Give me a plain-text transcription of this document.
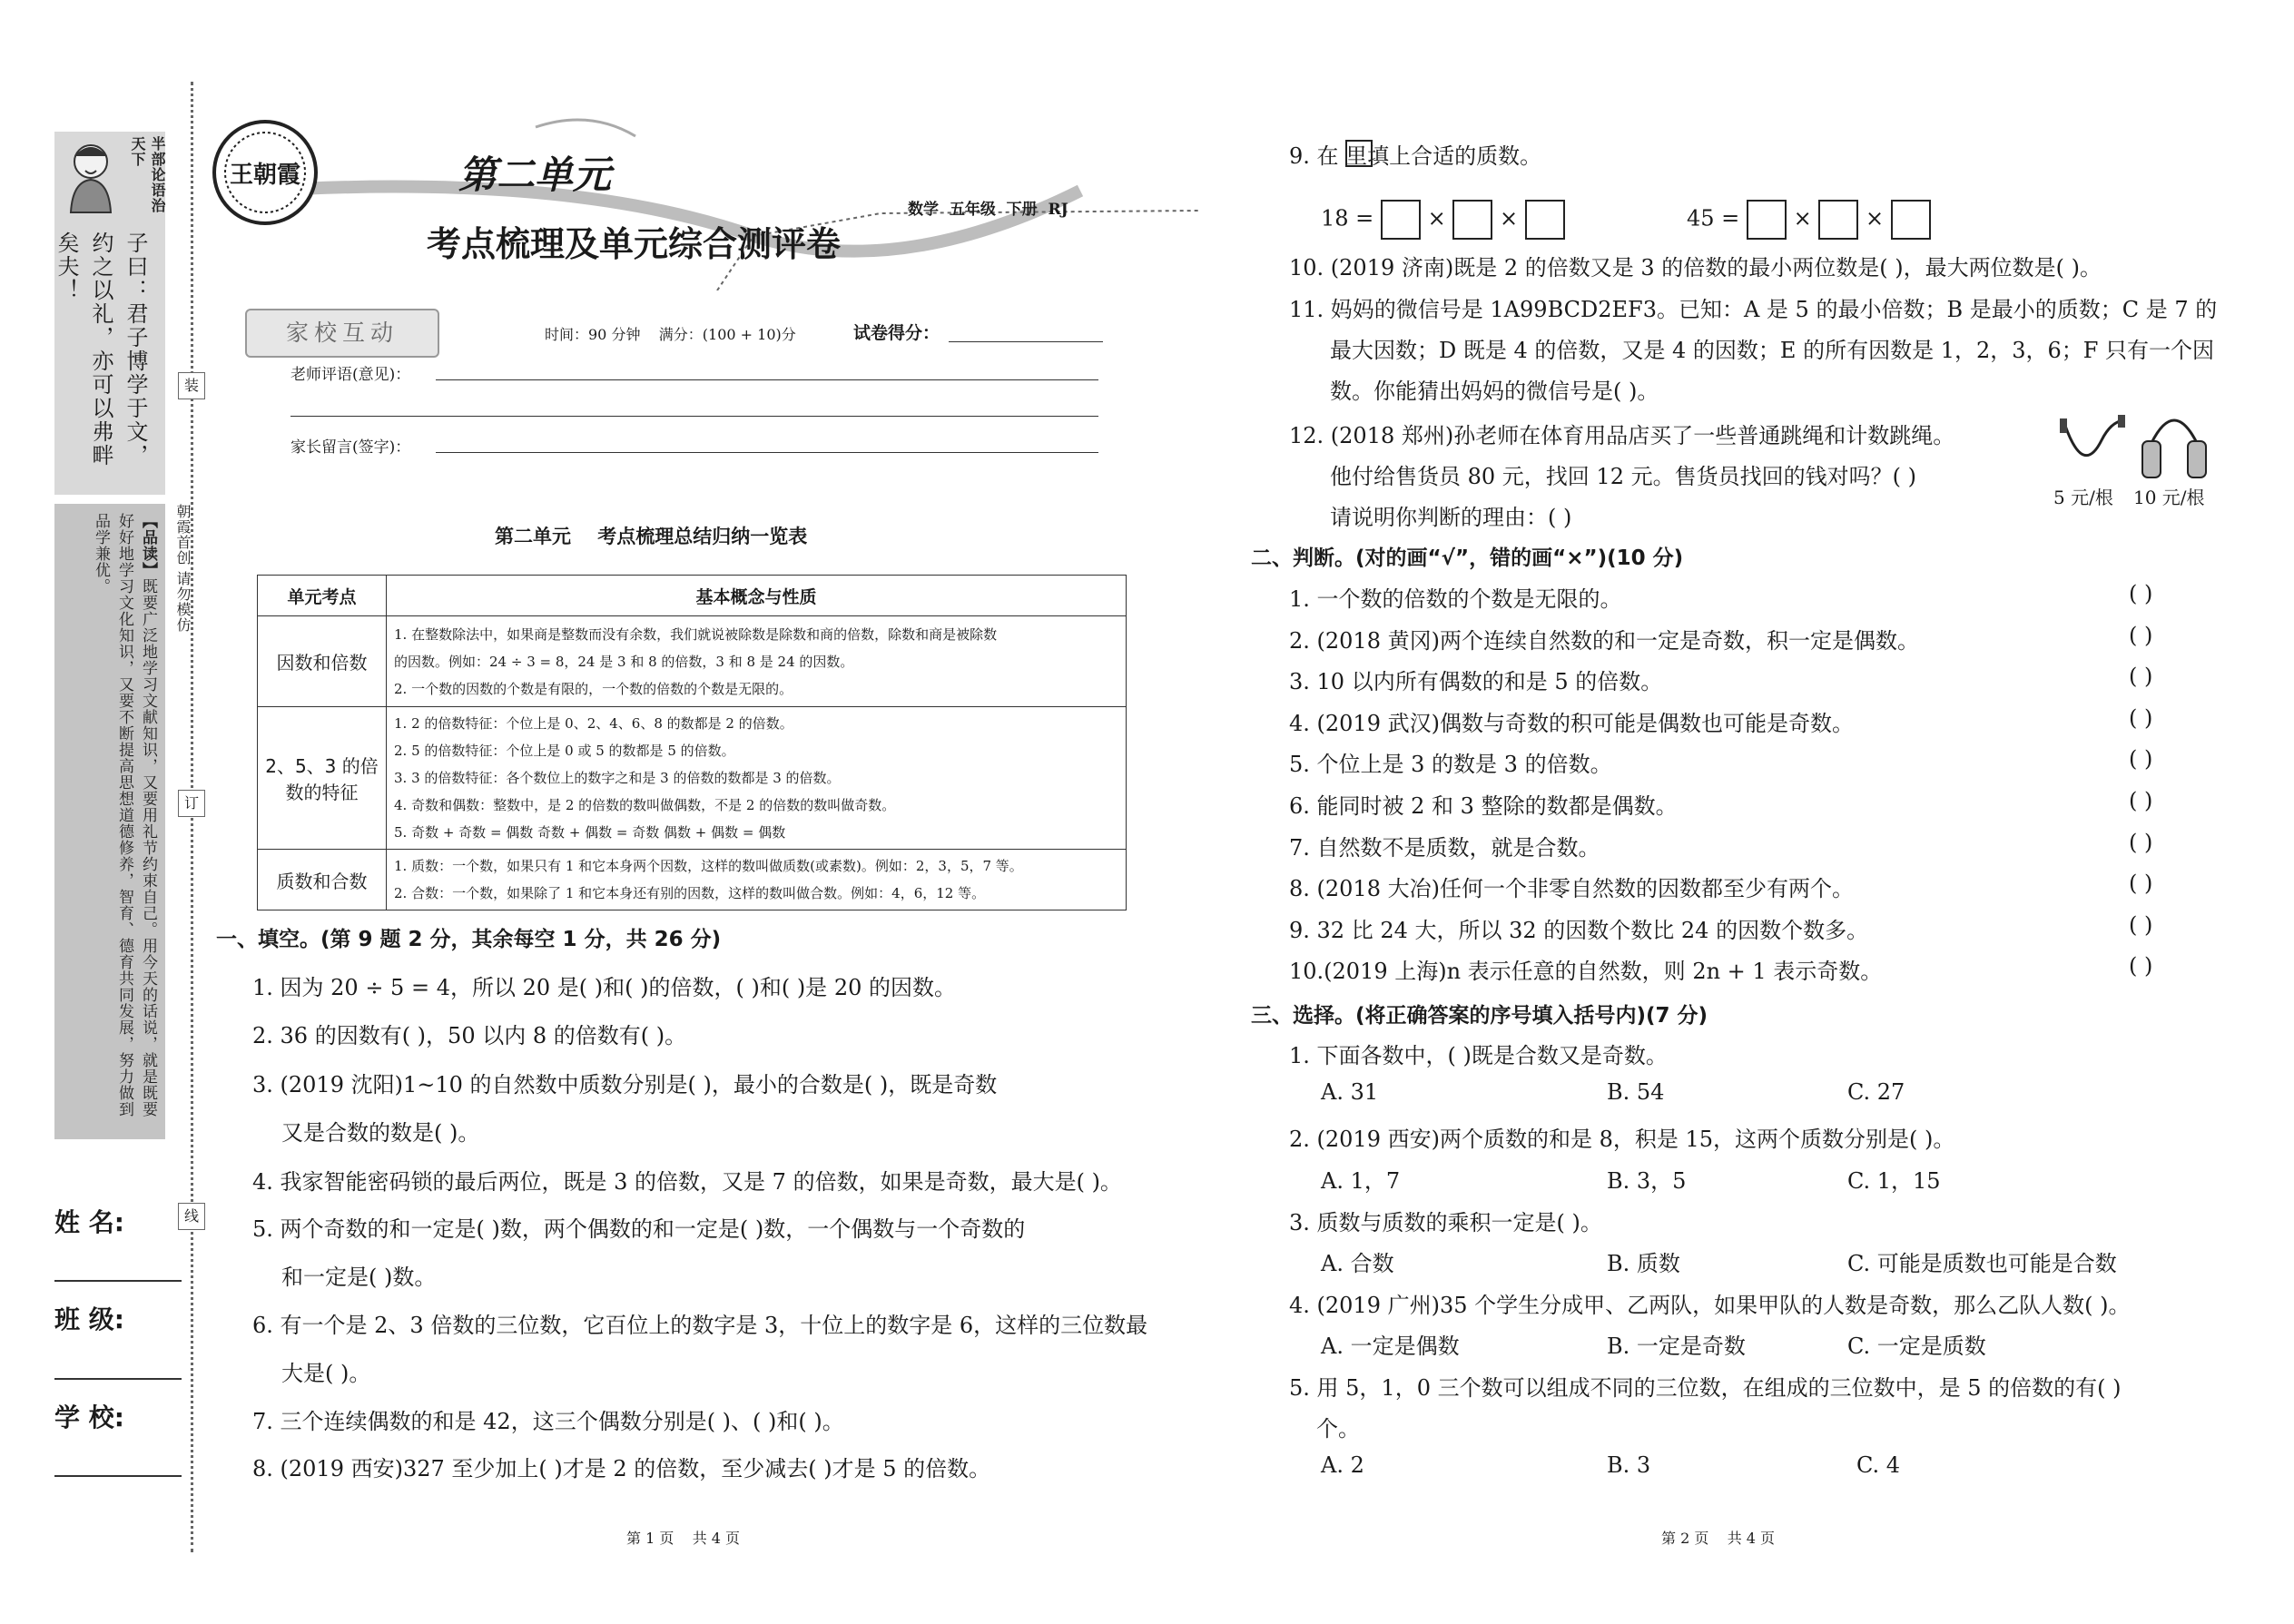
半部论语治天下
子曰：君子博学于文，约之以礼，亦可以弗畔矣夫！
【品读】既要广泛地学习文献知识，又要用礼节约束自己。用今天的话说，就是既要好好地学习文化知识，又要不断提高思想道德修养，智育、德育共同发展，努力做到品学兼优。	朝霞首创 请勿模仿
装
订
线
姓 名:
班 级:
学 校:
王朝霞	第二单元
考点梳理及单元综合测评卷
数学  五年级  下册  RJ
家校互动	时间：90 分钟    满分：(100 + 10)分	试卷得分：
老师评语(意见)：
家长留言(签字)：
第二单元    考点梳理总结归纳一览表
单元考点	基本概念与性质
因数和倍数	1. 在整数除法中，如果商是整数而没有余数，我们就说被除数是除数和商的倍数，除数和商是被除数
的因数。例如：24 ÷ 3 = 8，24 是 3 和 8 的倍数，3 和 8 是 24 的因数。
2. 一个数的因数的个数是有限的，一个数的倍数的个数是无限的。

2、5、3 的倍数的特征	1. 2 的倍数特征：个位上是 0、2、4、6、8 的数都是 2 的倍数。
2. 5 的倍数特征：个位上是 0 或 5 的数都是 5 的倍数。
3. 3 的倍数特征：各个数位上的数字之和是 3 的倍数的数都是 3 的倍数。
4. 奇数和偶数：整数中，是 2 的倍数的数叫做偶数，不是 2 的倍数的数叫做奇数。
5. 奇数 + 奇数 = 偶数 奇数 + 偶数 = 奇数 偶数 + 偶数 = 偶数

质数和合数	1. 质数：一个数，如果只有 1 和它本身两个因数，这样的数叫做质数(或素数)。例如：2，3，5，7 等。
2. 合数：一个数，如果除了 1 和它本身还有别的因数，这样的数叫做合数。例如：4，6，12 等。
一、填空。(第 9 题 2 分，其余每空 1 分，共 26 分)
1. 因为 20 ÷ 5 = 4，所以 20 是( )和( )的倍数，( )和( )是 20 的因数。
2. 36 的因数有( )，50 以内 8 的倍数有( )。
3. (2019 沈阳)1~10 的自然数中质数分别是( )，最小的合数是( )，既是奇数
又是合数的数是( )。
4. 我家智能密码锁的最后两位，既是 3 的倍数，又是 7 的倍数，如果是奇数，最大是( )。
5. 两个奇数的和一定是( )数，两个偶数的和一定是( )数，一个偶数与一个奇数的
和一定是( )数。
6. 有一个是 2、3 倍数的三位数，它百位上的数字是 3，十位上的数字是 6，这样的三位数最
大是( )。
7. 三个连续偶数的和是 42，这三个偶数分别是( )、( )和( )。
8. (2019 西安)327 至少加上( )才是 2 的倍数，至少减去( )才是 5 的倍数。
第 1 页    共 4 页
9. 在 里填上合适的质数。
18 = × ×	45 = × ×
10. (2019 济南)既是 2 的倍数又是 3 的倍数的最小两位数是( )，最大两位数是( )。
11. 妈妈的微信号是 1A99BCD2EF3。已知：A 是 5 的最小倍数；B 是最小的质数；C 是 7 的
最大因数；D 既是 4 的倍数，又是 4 的因数；E 的所有因数是 1，2，3，6；F 只有一个因
数。你能猜出妈妈的微信号是( )。
12. (2018 郑州)孙老师在体育用品店买了一些普通跳绳和计数跳绳。
他付给售货员 80 元，找回 12 元。售货员找回的钱对吗？( )
请说明你判断的理由：( )
5 元/根 10 元/根
二、判断。(对的画“√”，错的画“×”)(10 分)
1. 一个数的倍数的个数是无限的。	( )
2. (2018 黄冈)两个连续自然数的和一定是奇数，积一定是偶数。	( )
3. 10 以内所有偶数的和是 5 的倍数。	( )
4. (2019 武汉)偶数与奇数的积可能是偶数也可能是奇数。	( )
5. 个位上是 3 的数是 3 的倍数。	( )
6. 能同时被 2 和 3 整除的数都是偶数。	( )
7. 自然数不是质数，就是合数。	( )
8. (2018 大冶)任何一个非零自然数的因数都至少有两个。	( )
9. 32 比 24 大，所以 32 的因数个数比 24 的因数个数多。	( )
10.(2019 上海)n 表示任意的自然数，则 2n + 1 表示奇数。	( )
三、选择。(将正确答案的序号填入括号内)(7 分)
1. 下面各数中，( )既是合数又是奇数。
A. 31	B. 54	C. 27
2. (2019 西安)两个质数的和是 8，积是 15，这两个质数分别是( )。
A. 1，7	B. 3，5	C. 1，15
3. 质数与质数的乘积一定是( )。
A. 合数	B. 质数	C. 可能是质数也可能是合数
4. (2019 广州)35 个学生分成甲、乙两队，如果甲队的人数是奇数，那么乙队人数( )。
A. 一定是偶数	B. 一定是奇数	C. 一定是质数
5. 用 5，1，0 三个数可以组成不同的三位数，在组成的三位数中，是 5 的倍数的有( )
个。
A. 2	B. 3	C. 4
第 2 页    共 4 页
